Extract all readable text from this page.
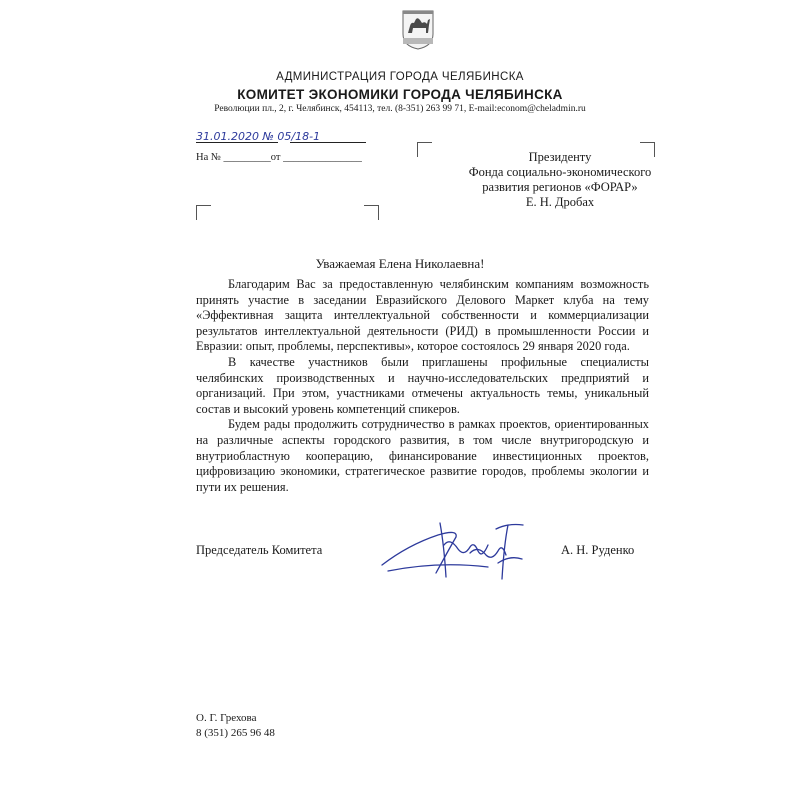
АДМИНИСТРАЦИЯ ГОРОДА ЧЕЛЯБИНСКА
КОМИТЕТ ЭКОНОМИКИ ГОРОДА ЧЕЛЯБИНСКА
Революции пл., 2, г. Челябинск, 454113, тел. (8-351) 263 99 71, E-mail:econom@cheladmin.ru
31.01.2020 № 05/18-1
На № _________от _______________	Президенту
Фонда социально-экономического
развития регионов «ФОРАР»
Е. Н. Дробах
Уважаемая Елена Николаевна!

Благодарим Вас за предоставленную челябинским компаниям возможность принять участие в заседании Евразийского Делового Маркет клуба на тему «Эффективная защита интеллектуальной собственности и коммерциализации результатов интеллектуальной деятельности (РИД) в промышленности России и Евразии: опыт, проблемы, перспективы», которое состоялось 29 января 2020 года.

В качестве участников были приглашены профильные специалисты челябинских производственных и научно-исследовательских предприятий и организаций. При этом, участниками отмечены актуальность темы, уникальный состав и высокий уровень компетенций спикеров.

Будем рады продолжить сотрудничество в рамках проектов, ориентированных на различные аспекты городского развития, в том числе внутригородскую и внутриобластную кооперацию, финансирование инвестиционных проектов, цифровизацию экономики, стратегическое развитие городов, проблемы экологии и пути их решения.

Председатель Комитета	А. Н. Руденко
О. Г. Грехова
8 (351) 265 96 48
